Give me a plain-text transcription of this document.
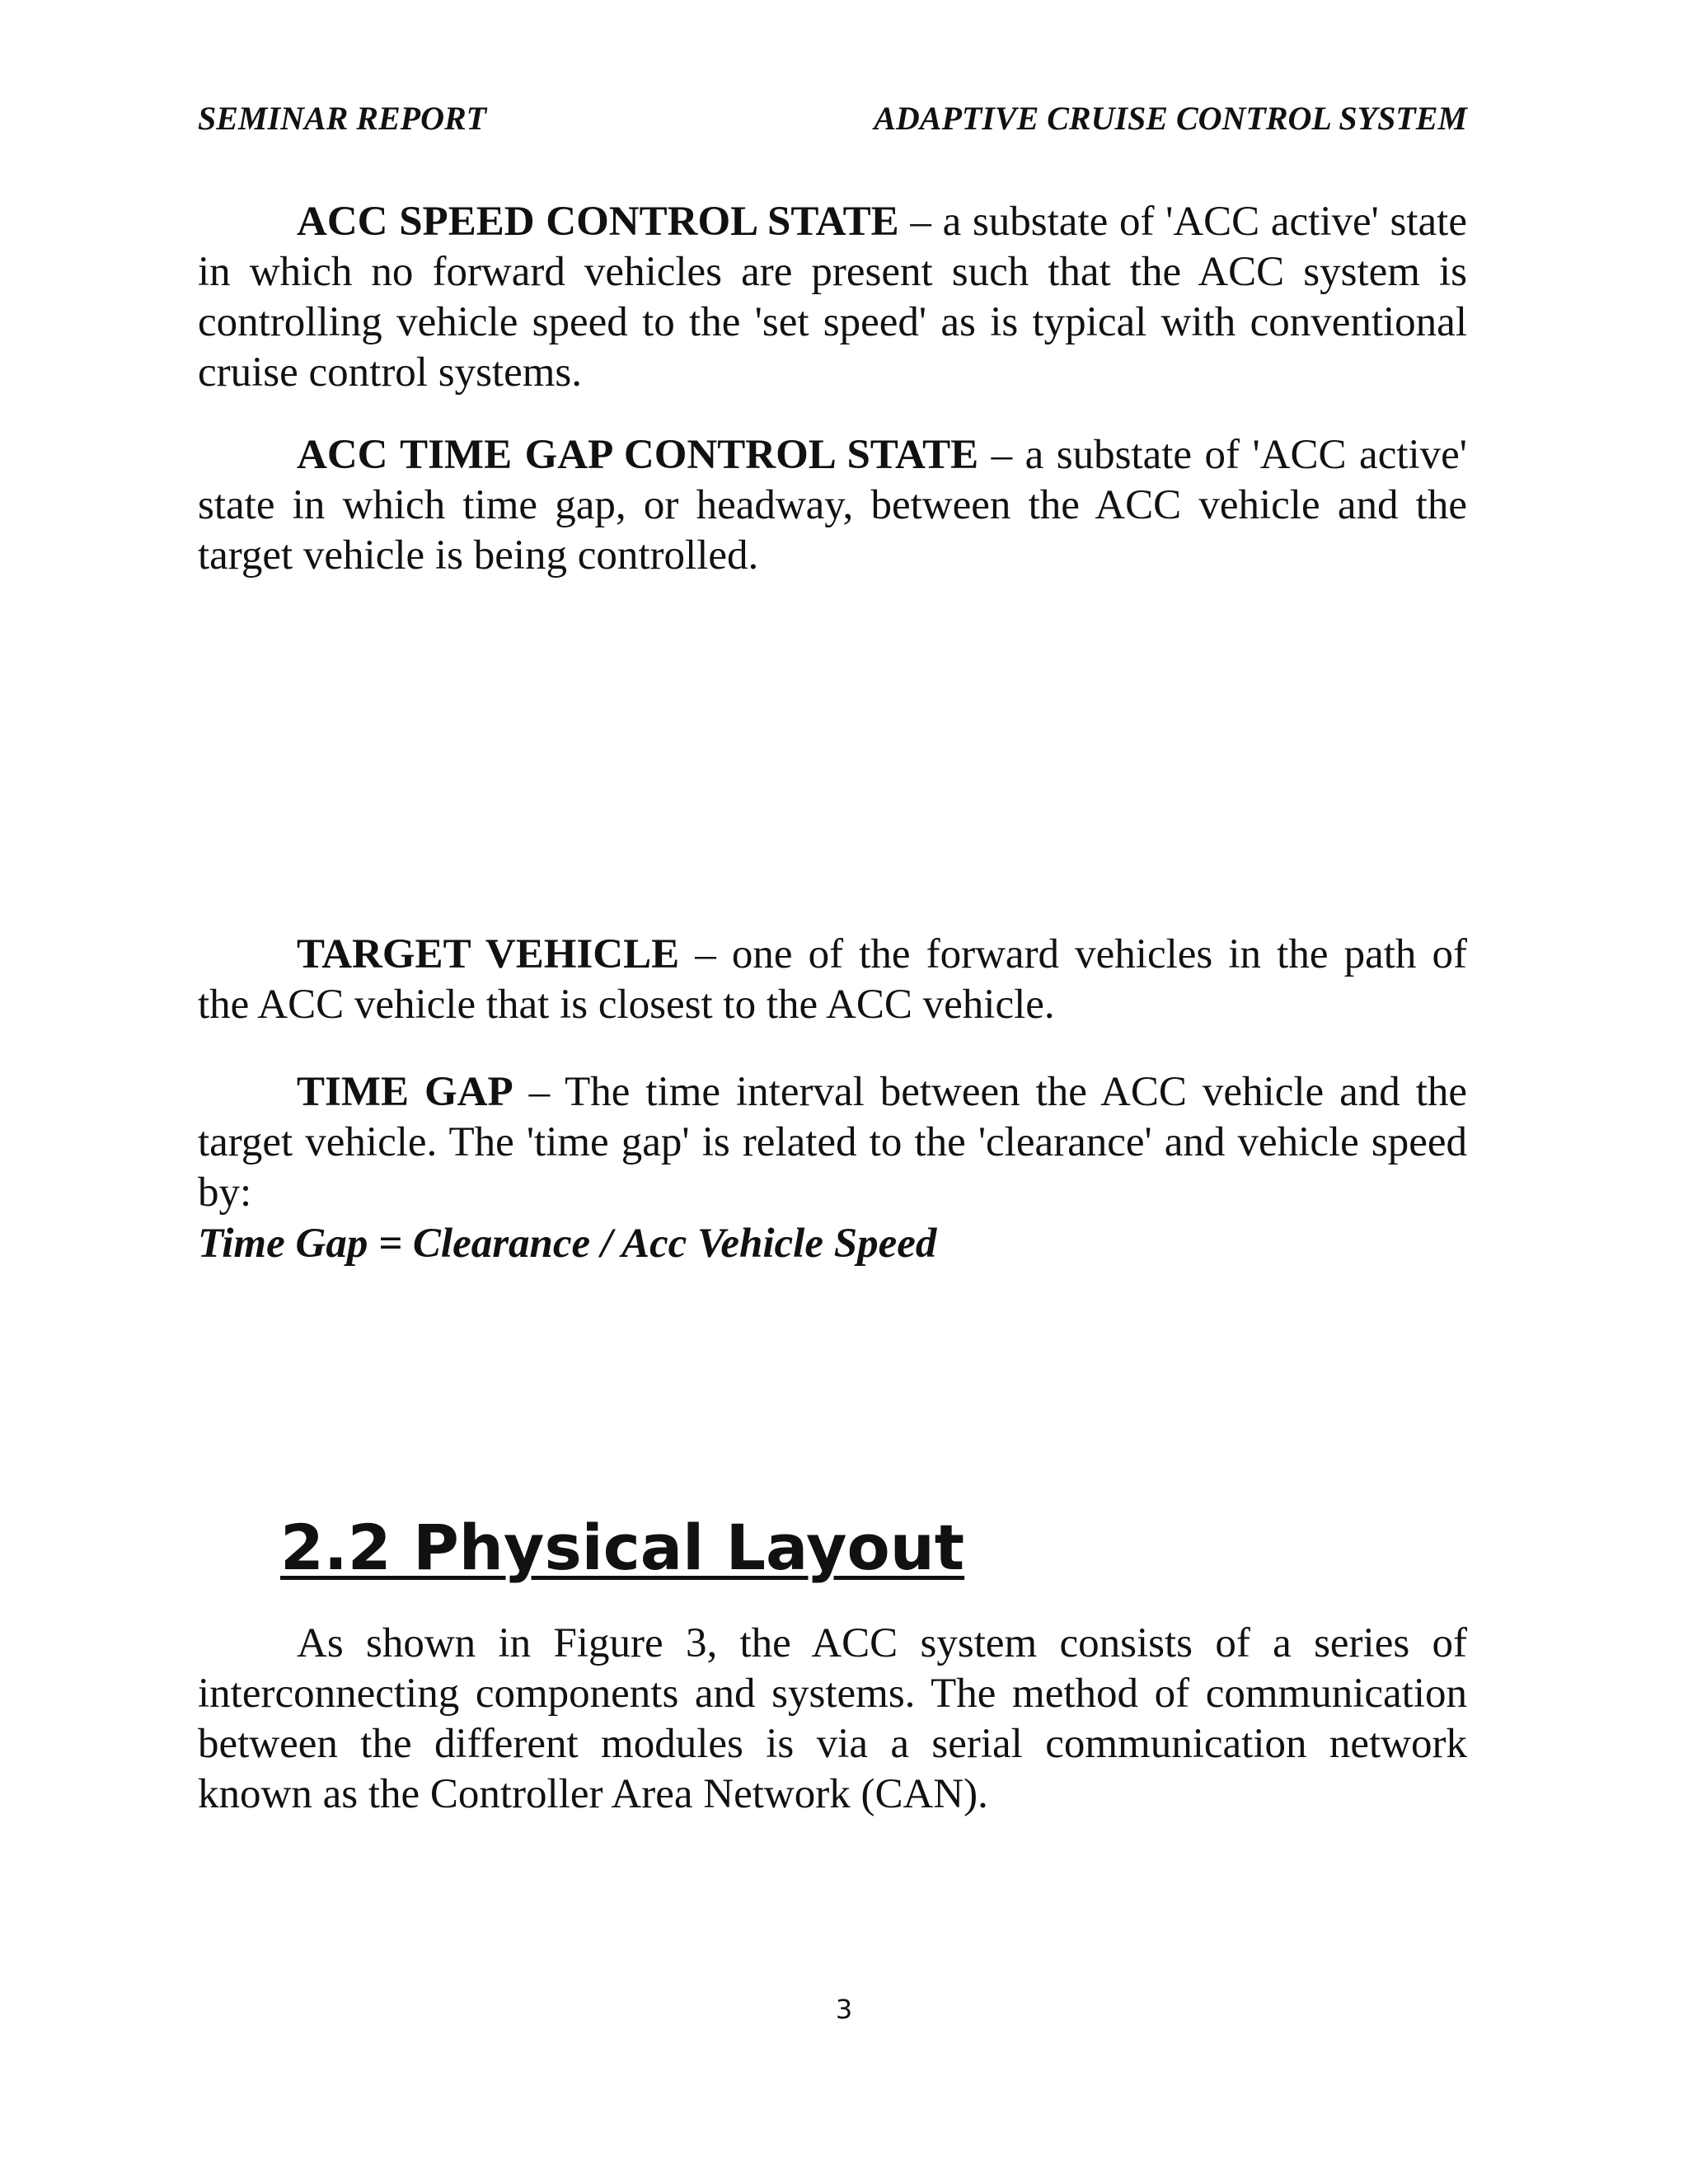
SEMINAR REPORT	ADAPTIVE CRUISE CONTROL SYSTEM

ACC SPEED CONTROL STATE – a substate of 'ACC active' state in which no forward vehicles are present such that the ACC system is controlling vehicle speed to the 'set speed' as is typical with conventional cruise control systems.

ACC TIME GAP CONTROL STATE – a substate of 'ACC active' state in which time gap, or headway, between the ACC vehicle and the target vehicle is being controlled.

TARGET VEHICLE – one of the forward vehicles in the path of the ACC vehicle that is closest to the ACC vehicle.

TIME GAP – The time interval between the ACC vehicle and the target vehicle. The 'time gap' is related to the 'clearance' and vehicle speed by:

Time Gap = Clearance / Acc Vehicle Speed

2.2 Physical Layout

As shown in Figure 3, the ACC system consists of a series of interconnecting components and systems. The method of communication between the different modules is via a serial communication network known as the Controller Area Network (CAN).

3
